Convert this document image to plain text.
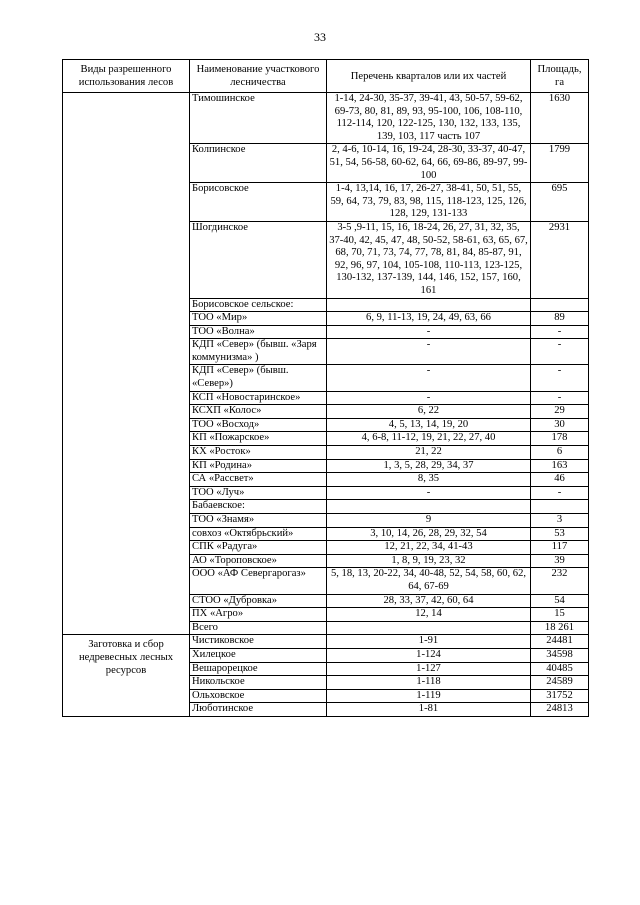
33
Виды разрешенного использования лесов	Наименование участкового лесничества	Перечень кварталов или их частей	Площадь, га
	Тимошинское	1-14, 24-30, 35-37, 39-41, 43, 50-57, 59-62, 69-73, 80, 81, 89, 93, 95-100, 106, 108-110, 112-114, 120, 122-125, 130, 132, 133, 135, 139, 103, 117 часть 107	1630
	Колпинское	2, 4-6, 10-14, 16, 19-24, 28-30, 33-37, 40-47, 51, 54, 56-58, 60-62, 64, 66, 69-86, 89-97, 99-100	1799
	Борисовское	1-4, 13,14, 16, 17, 26-27, 38-41, 50, 51, 55, 59, 64, 73, 79, 83, 98, 115, 118-123, 125, 126, 128, 129, 131-133	695
	Шогдинское	3-5 ,9-11, 15, 16, 18-24, 26, 27, 31, 32, 35, 37-40, 42, 45, 47, 48, 50-52, 58-61, 63, 65, 67, 68, 70, 71, 73, 74, 77, 78, 81, 84, 85-87, 91, 92, 96, 97, 104, 105-108, 110-113, 123-125, 130-132, 137-139, 144, 146, 152, 157, 160, 161	2931
	Борисовское сельское:		
	ТОО «Мир»	6, 9, 11-13, 19, 24, 49, 63, 66	89
	ТОО «Волна»	-	-
	КДП «Север» (бывш. «Заря коммунизма» )	-	-
	КДП «Север» (бывш. «Север»)	-	-
	КСП «Новостаринское»	-	-
	КСХП «Колос»	6, 22	29
	ТОО «Восход»	4, 5, 13, 14, 19, 20	30
	КП «Пожарское»	4, 6-8, 11-12, 19, 21, 22, 27, 40	178
	КХ «Росток»	21, 22	6
	КП «Родина»	1, 3, 5, 28, 29, 34, 37	163
	СА «Рассвет»	8, 35	46
	ТОО «Луч»	-	-
	Бабаевское:		
	ТОО «Знамя»	9	3
	совхоз «Октябрьский»	3, 10, 14, 26, 28, 29, 32, 54	53
	СПК «Радуга»	12, 21, 22, 34, 41-43	117
	АО «Тороповское»	1, 8, 9, 19, 23, 32	39
	ООО «АФ Севергарогаз»	5, 18, 13, 20-22, 34, 40-48, 52, 54, 58, 60, 62, 64, 67-69	232
	СТОО «Дубровка»	28, 33, 37, 42, 60, 64	54
	ПХ «Агро»	12, 14	15
	Всего		18 261
Заготовка и сбор недревесных лесных ресурсов	Чистиковское	1-91	24481
	Хилецкое	1-124	34598
	Вешарорецкое	1-127	40485
	Никольское	1-118	24589
	Ольховское	1-119	31752
	Люботинское	1-81	24813
